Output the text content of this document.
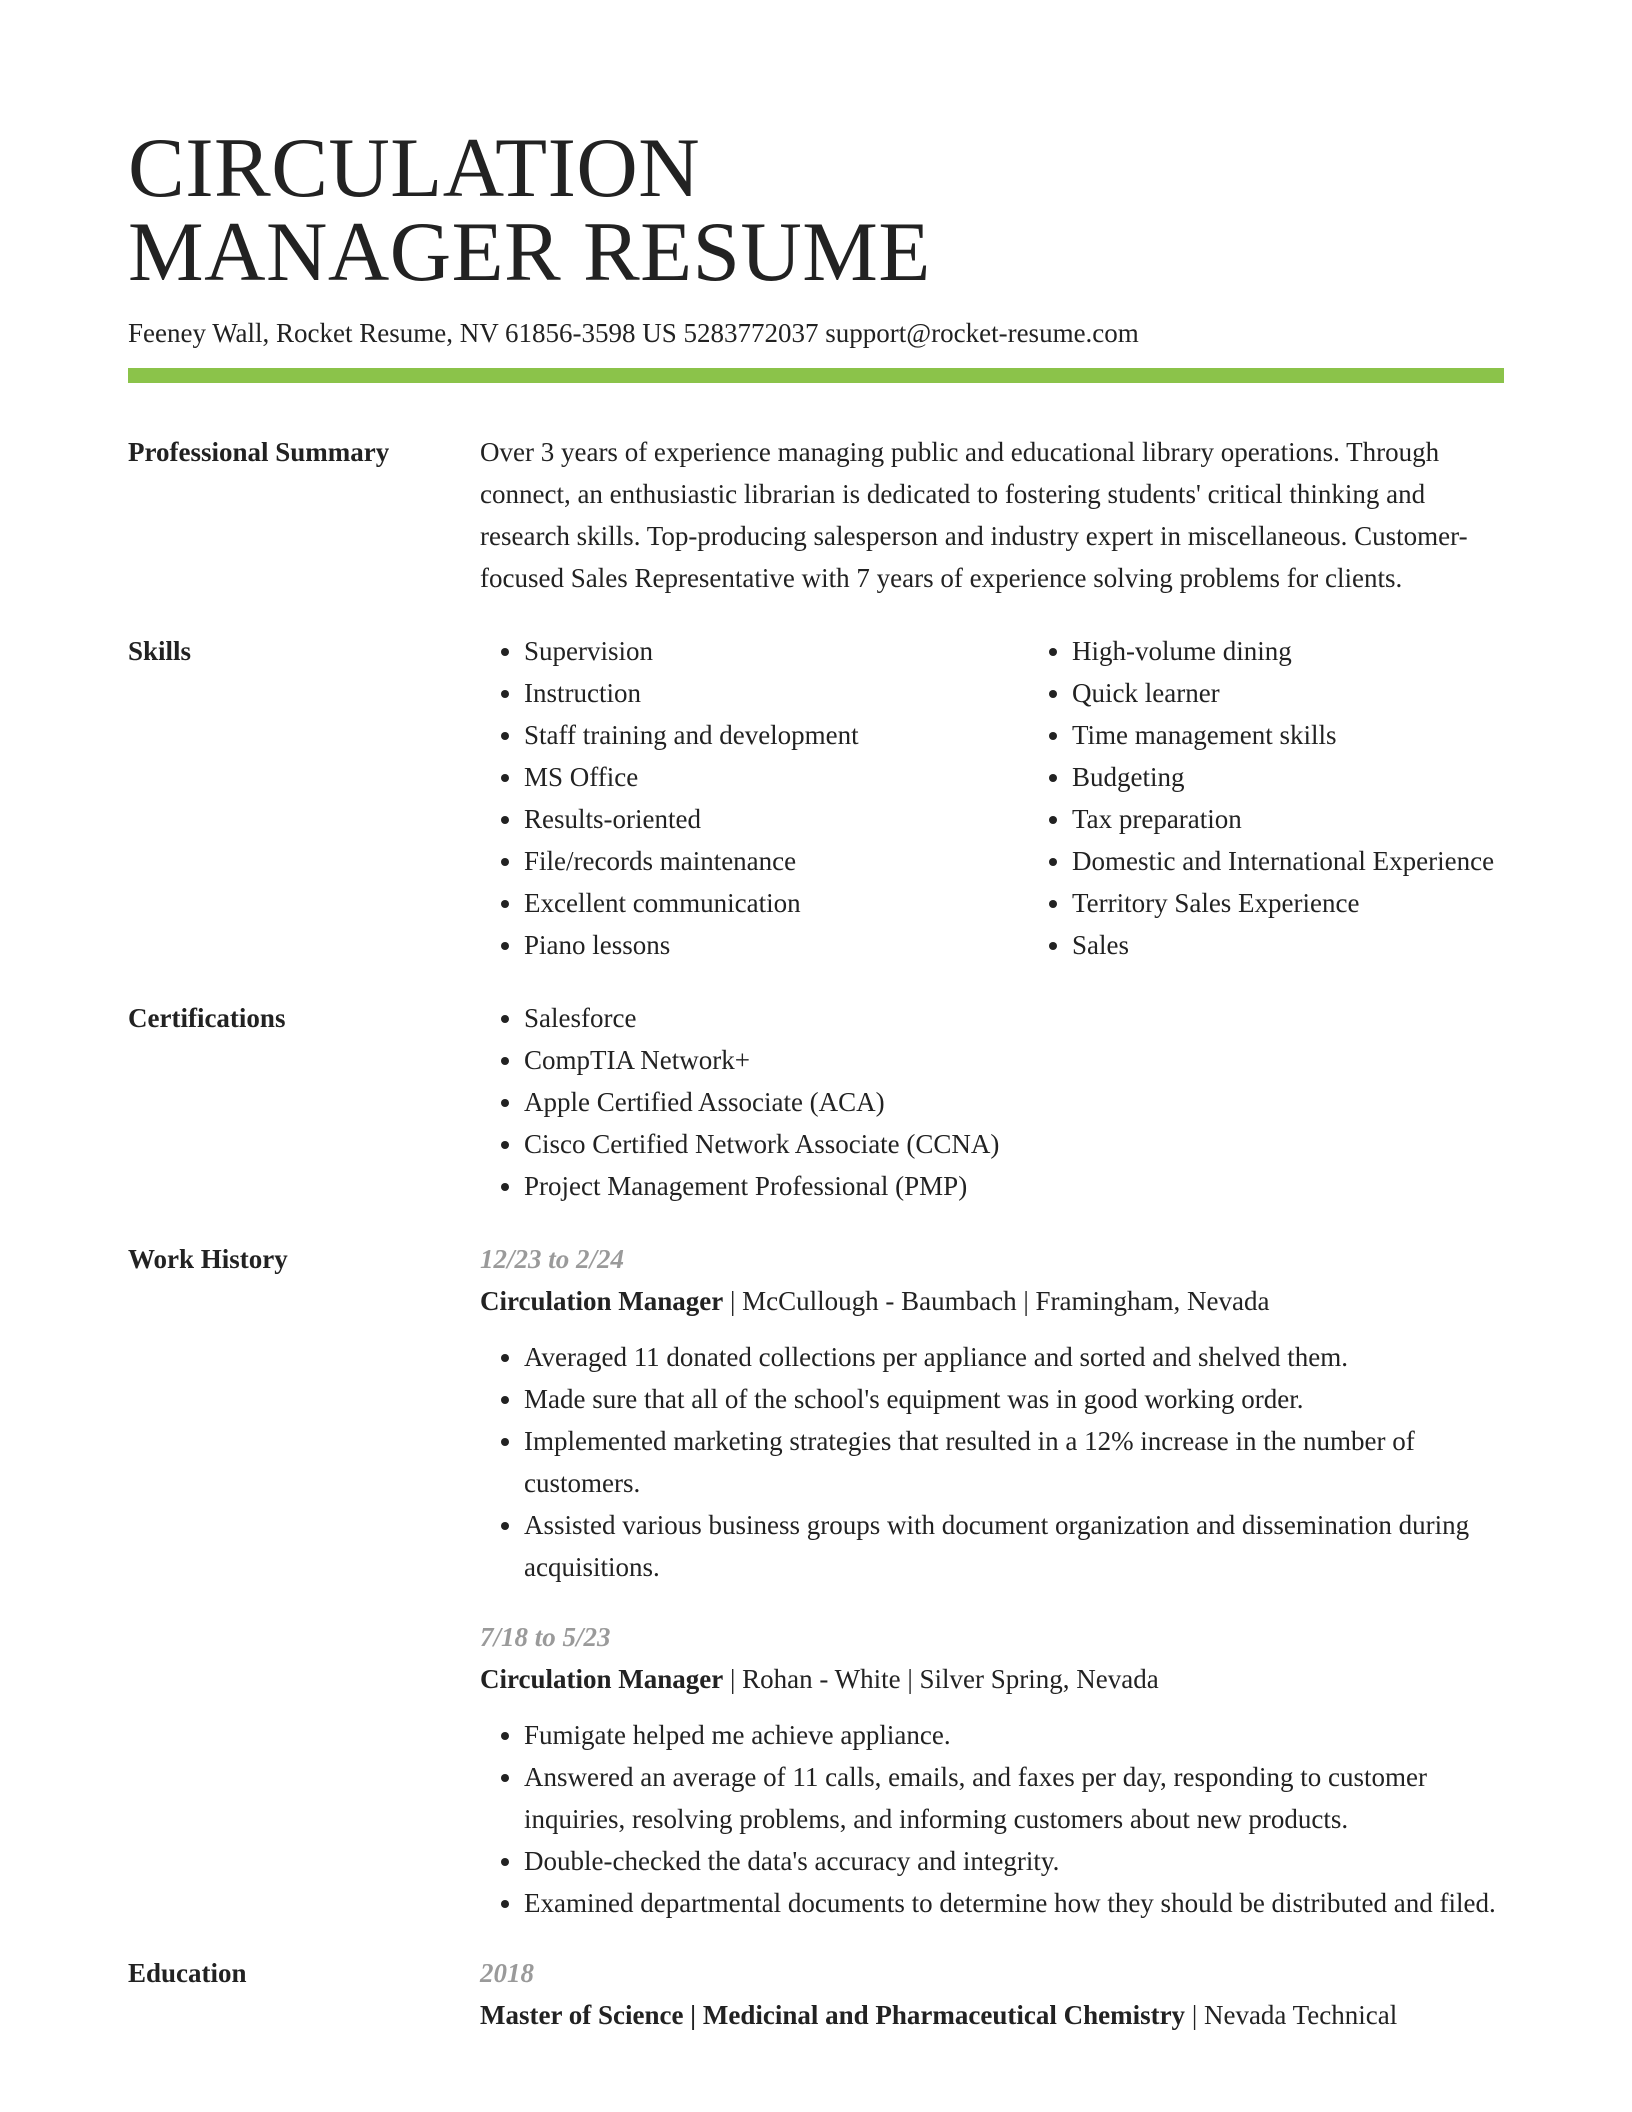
CIRCULATION
MANAGER RESUME
Feeney Wall, Rocket Resume, NV 61856-3598 US 5283772037 support@rocket-resume.com
Professional Summary	Over 3 years of experience managing public and educational library operations. Through connect, an enthusiastic librarian is dedicated to fostering students' critical thinking and research skills. Top-producing salesperson and industry expert in miscellaneous. Customer-focused Sales Representative with 7 years of experience solving problems for clients.

Skills	• Supervision
• Instruction
• Staff training and development
• MS Office
• Results-oriented
• File/records maintenance
• Excellent communication
• Piano lessons
• High-volume dining
• Quick learner
• Time management skills
• Budgeting
• Tax preparation
• Domestic and International Experience
• Territory Sales Experience
• Sales
Certifications	• Salesforce
• CompTIA Network+
• Apple Certified Associate (ACA)
• Cisco Certified Network Associate (CCNA)
• Project Management Professional (PMP)
Work History	12/23 to 2/24
Circulation Manager | McCullough - Baumbach | Framingham, Nevada
• Averaged 11 donated collections per appliance and sorted and shelved them.
• Made sure that all of the school's equipment was in good working order.
• Implemented marketing strategies that resulted in a 12% increase in the number of customers.
• Assisted various business groups with document organization and dissemination during acquisitions.
7/18 to 5/23
Circulation Manager | Rohan - White | Silver Spring, Nevada
• Fumigate helped me achieve appliance.
• Answered an average of 11 calls, emails, and faxes per day, responding to customer inquiries, resolving problems, and informing customers about new products.
• Double-checked the data's accuracy and integrity.
• Examined departmental documents to determine how they should be distributed and filed.
Education	2018
Master of Science | Medicinal and Pharmaceutical Chemistry | Nevada Technical
